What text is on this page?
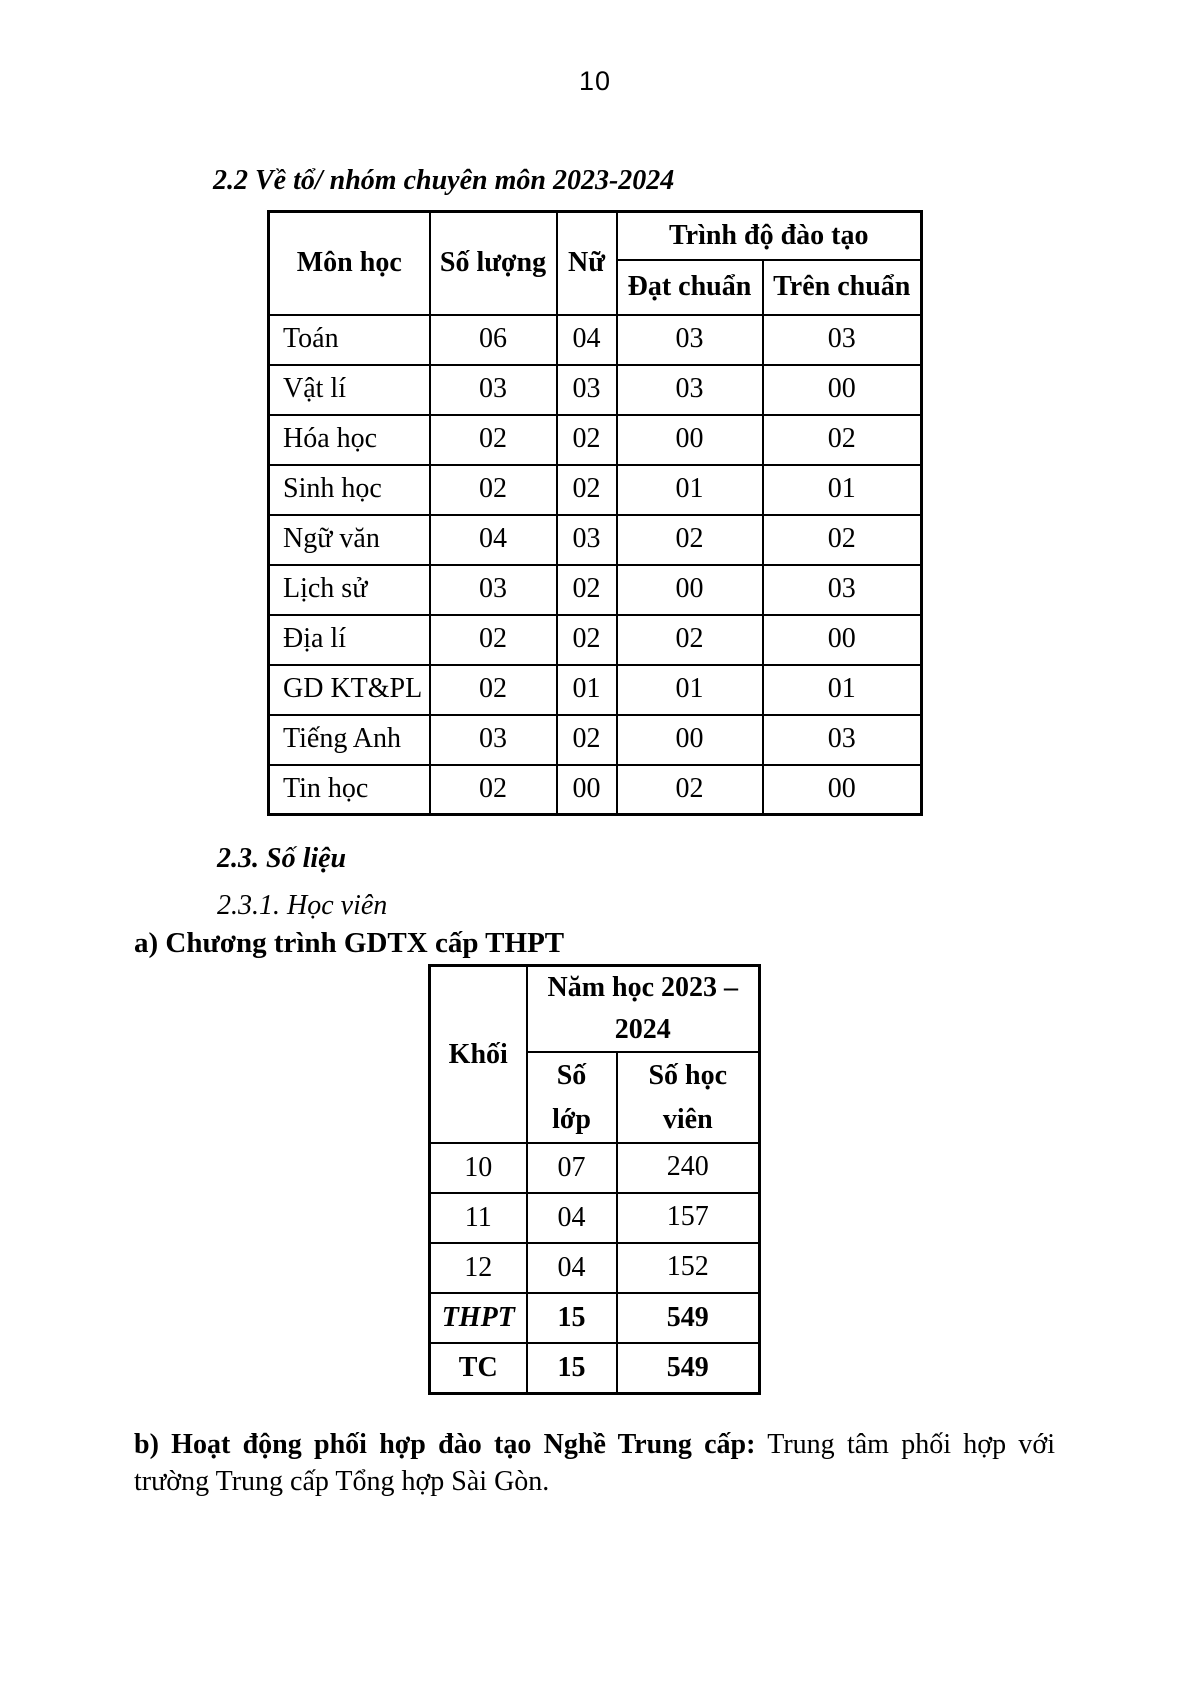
10
2.2 Về tổ/ nhóm chuyên môn 2023-2024
Môn học	Số lượng	Nữ	Trình độ đào tạo	
			Đạt chuẩn	Trên chuẩn
Toán	06	04	03	03
Vật lí	03	03	03	00
Hóa học	02	02	00	02
Sinh học	02	02	01	01
Ngữ văn	04	03	02	02
Lịch sử	03	02	00	03
Địa lí	02	02	02	00
GD KT&PL	02	01	01	01
Tiếng Anh	03	02	00	03
Tin học	02	00	02	00
2.3. Số liệu
2.3.1. Học viên
a) Chương trình GDTX cấp THPT
Khối	Năm học 2023 – 2024	
	Số lớp	Số học viên
10	07	240
11	04	157
12	04	152
THPT	15	549
TC	15	549

b) Hoạt động phối hợp đào tạo Nghề Trung cấp: Trung tâm phối hợp với trường Trung cấp Tổng hợp Sài Gòn.
